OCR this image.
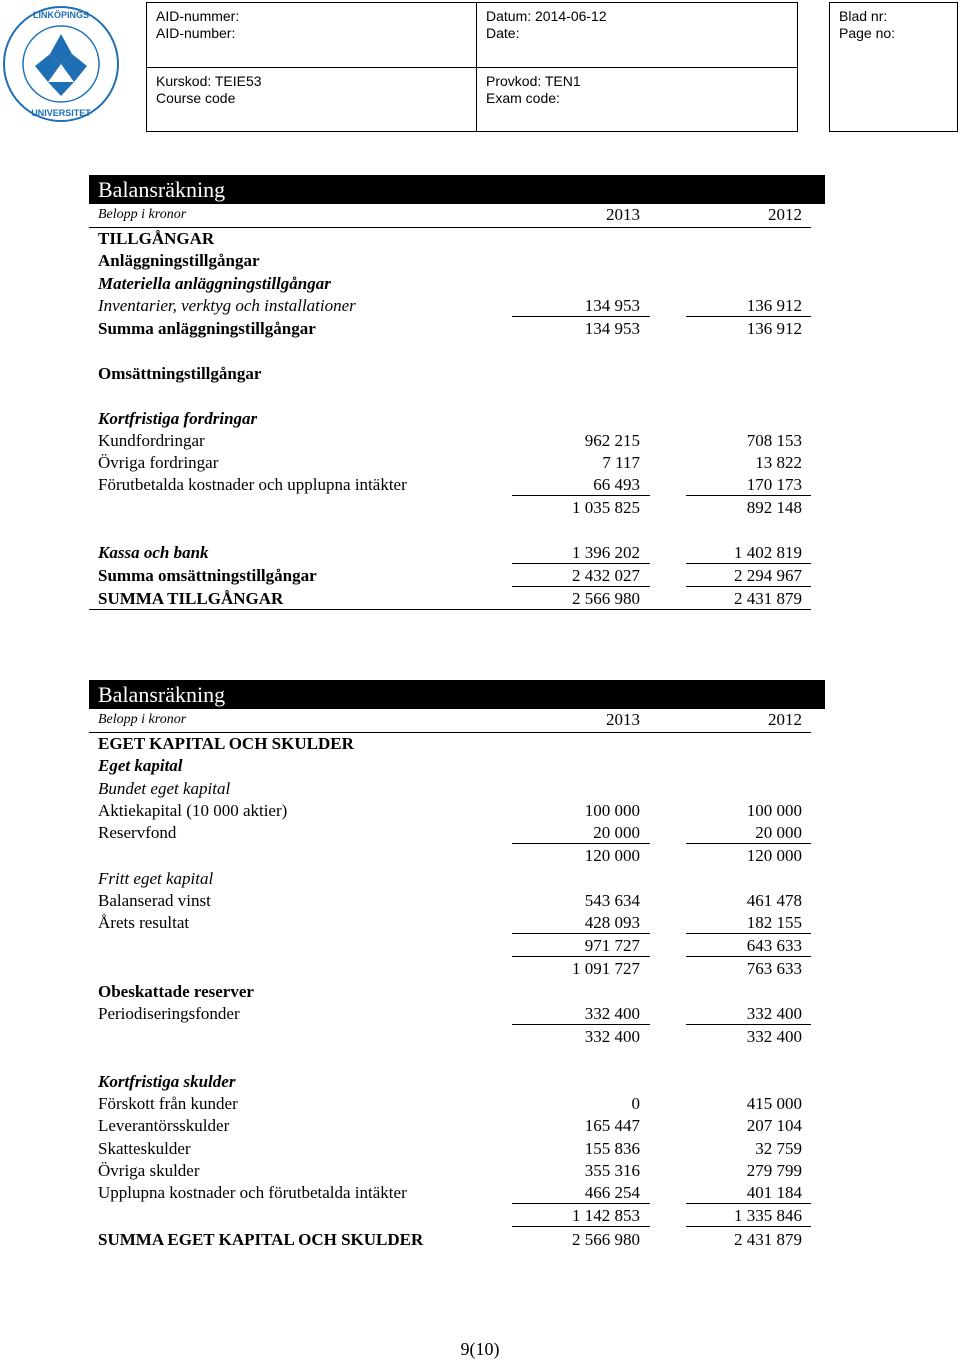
LINKÖPINGS
UNIVERSITET
AID-nummer:
AID-number:
Kurskod: TEIE53
Course code
Datum: 2014-06-12
Date:
Provkod: TEN1
Exam code:
Blad nr:
Page no:
Balansräkning
Belopp i kronor	2013	2012
TILLGÅNGAR
Anläggningstillgångar
Materiella anläggningstillgångar
Inventarier, verktyg och installationer	134 953	136 912
Summa anläggningstillgångar	134 953	136 912
Omsättningstillgångar
Kortfristiga fordringar
Kundfordringar	962 215	708 153
Övriga fordringar	7 117	13 822
Förutbetalda kostnader och upplupna intäkter	66 493	170 173
1 035 825	892 148
Kassa och bank	1 396 202	1 402 819
Summa omsättningstillgångar	2 432 027	2 294 967
SUMMA TILLGÅNGAR	2 566 980	2 431 879
Balansräkning
Belopp i kronor	2013	2012
EGET KAPITAL OCH SKULDER
Eget kapital
Bundet eget kapital
Aktiekapital (10 000 aktier)	100 000	100 000
Reservfond	20 000	20 000
120 000	120 000
Fritt eget kapital
Balanserad vinst	543 634	461 478
Årets resultat	428 093	182 155
971 727	643 633
1 091 727	763 633
Obeskattade reserver
Periodiseringsfonder	332 400	332 400
332 400	332 400
Kortfristiga skulder
Förskott från kunder	0	415 000
Leverantörsskulder	165 447	207 104
Skatteskulder	155 836	32 759
Övriga skulder	355 316	279 799
Upplupna kostnader och förutbetalda intäkter	466 254	401 184
1 142 853	1 335 846
SUMMA EGET KAPITAL OCH SKULDER	2 566 980	2 431 879
9(10)
